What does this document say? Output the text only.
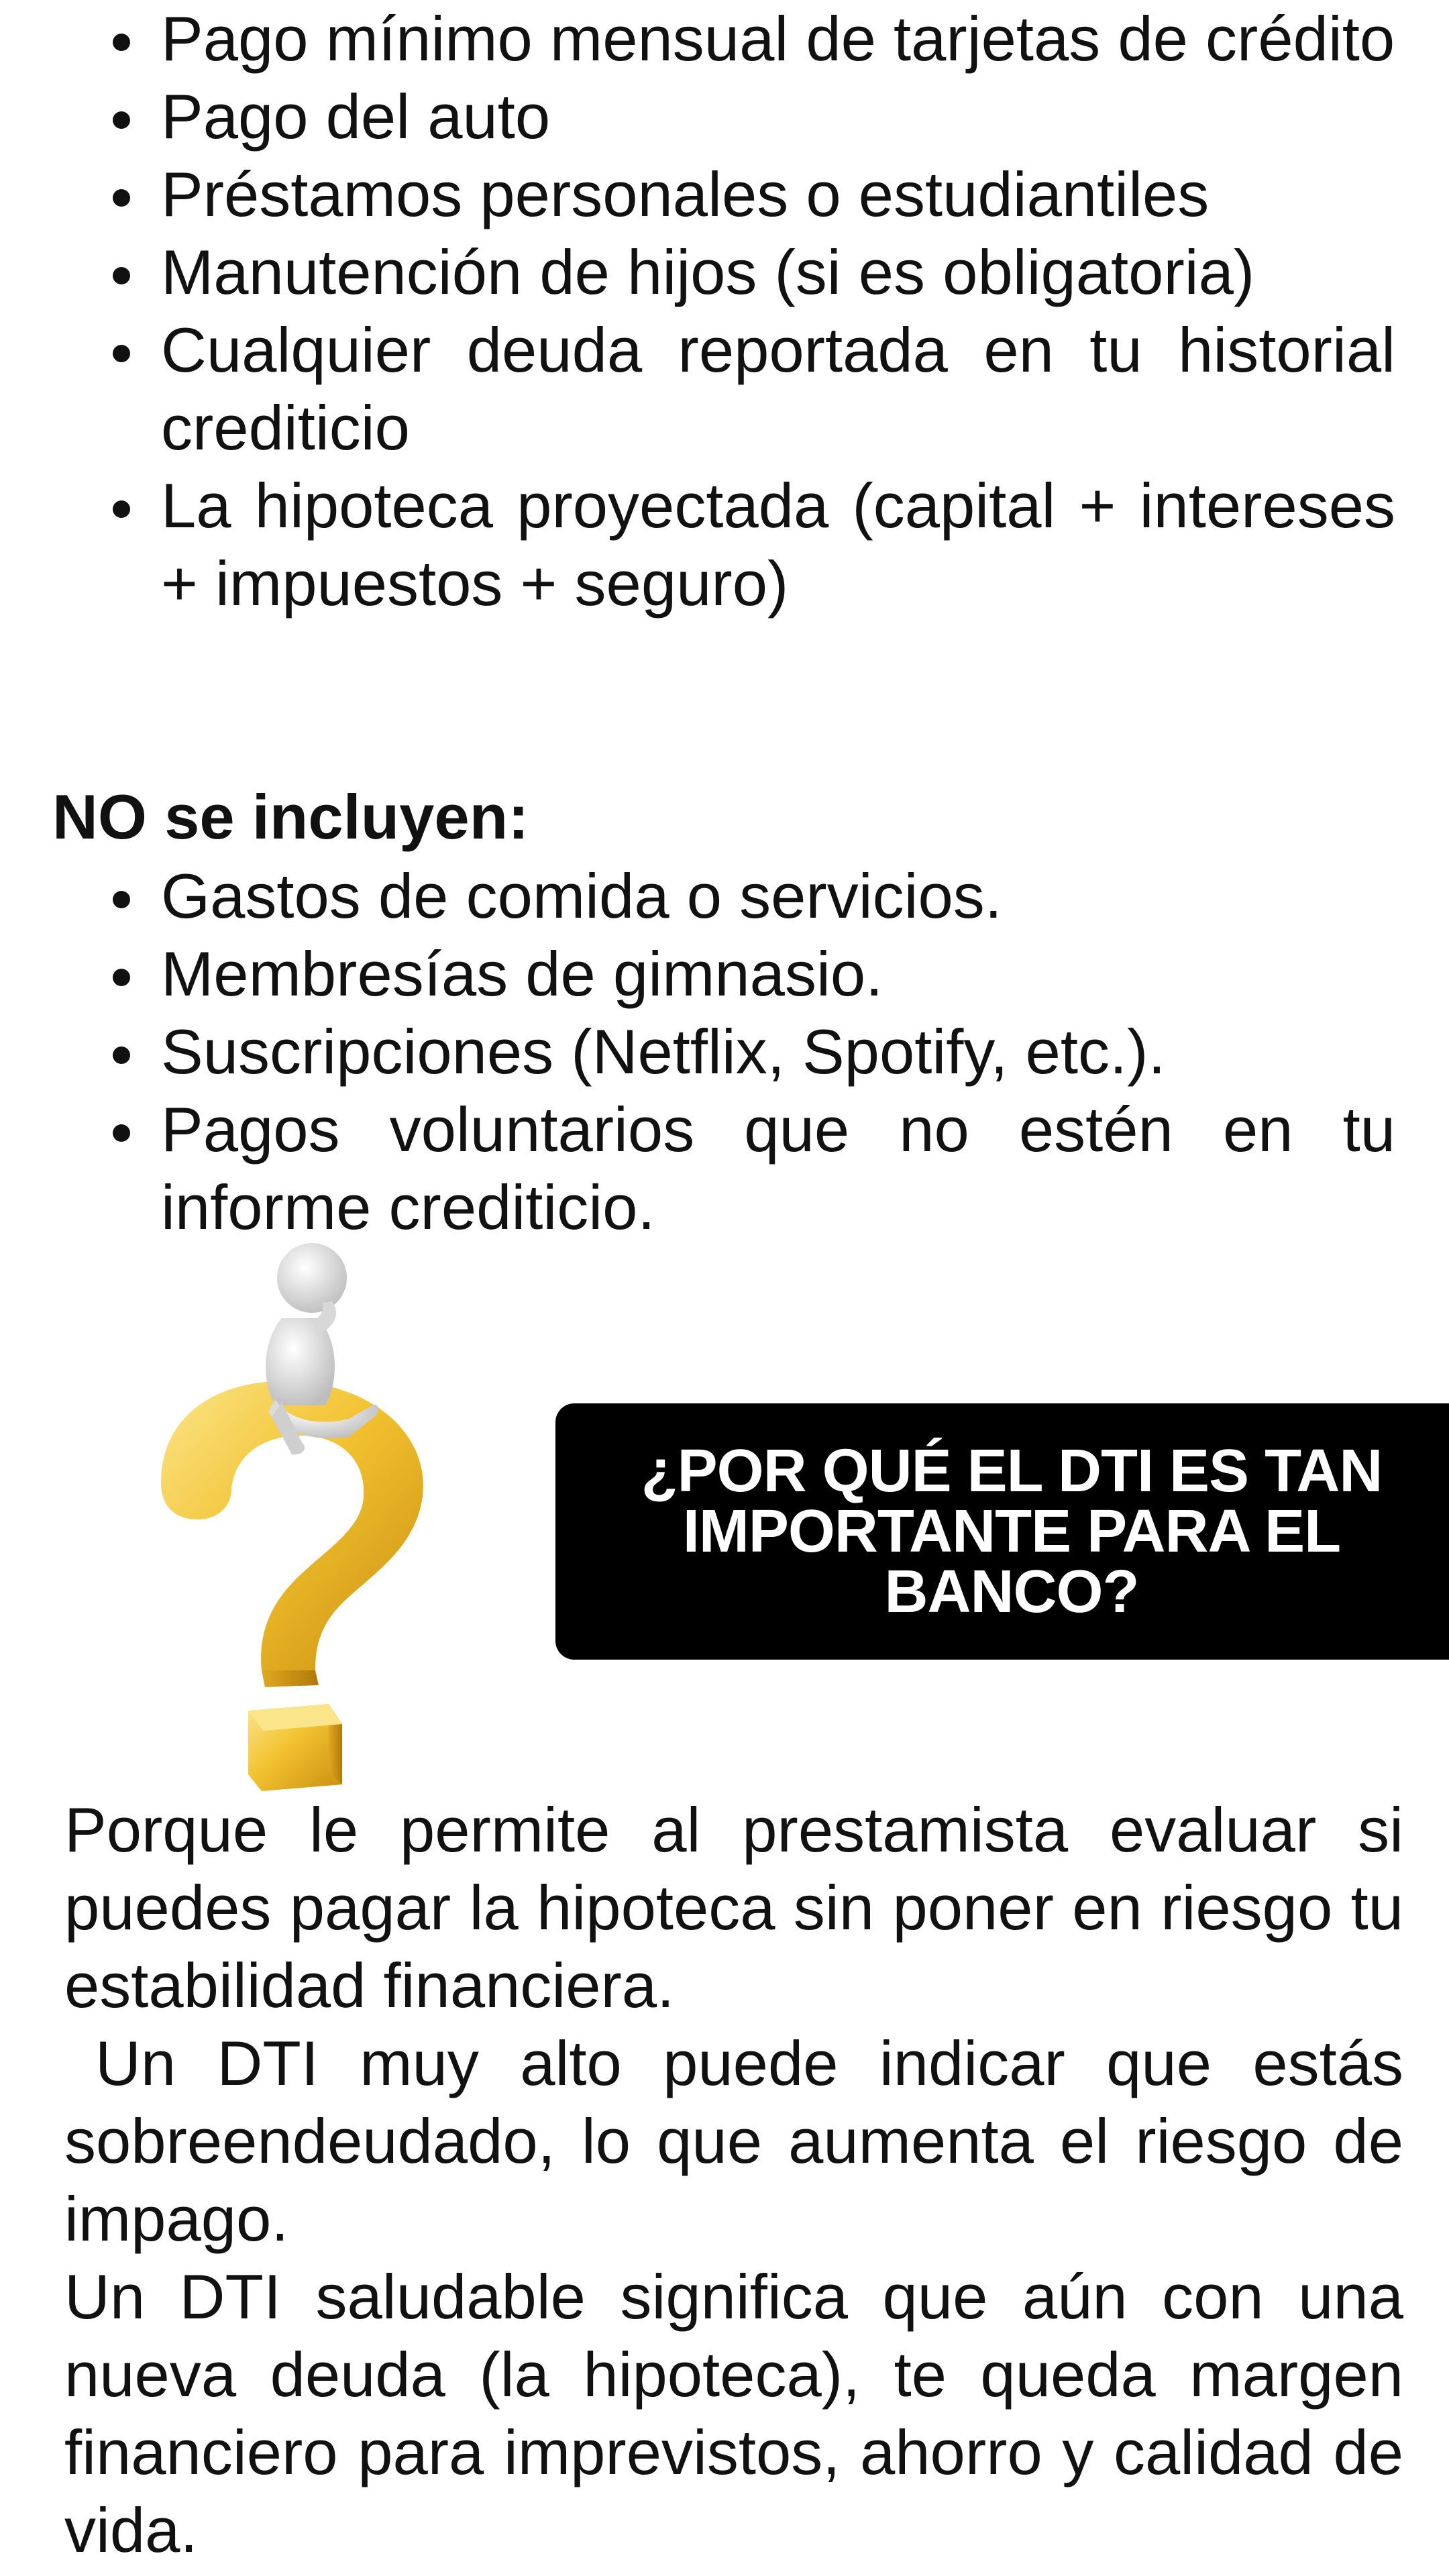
Pago mínimo mensual de tarjetas de crédito
Pago del auto
Préstamos personales o estudiantiles
Manutención de hijos (si es obligatoria)
Cualquier deuda reportada en tu historial crediticio
La hipoteca proyectada (capital + intereses + impuestos + seguro)
NO se incluyen:
Gastos de comida o servicios.
Membresías de gimnasio.
Suscripciones (Netflix, Spotify, etc.).
Pagos voluntarios que no estén en tu informe crediticio.
¿POR QUÉ EL DTI ES TAN IMPORTANTE PARA EL BANCO?

Porque le permite al prestamista evaluar si puedes pagar la hipoteca sin poner en riesgo tu estabilidad financiera.

Un DTI muy alto puede indicar que estás sobreendeudado, lo que aumenta el riesgo de impago.

Un DTI saludable significa que aún con una nueva deuda (la hipoteca), te queda margen financiero para imprevistos, ahorro y calidad de vida.
